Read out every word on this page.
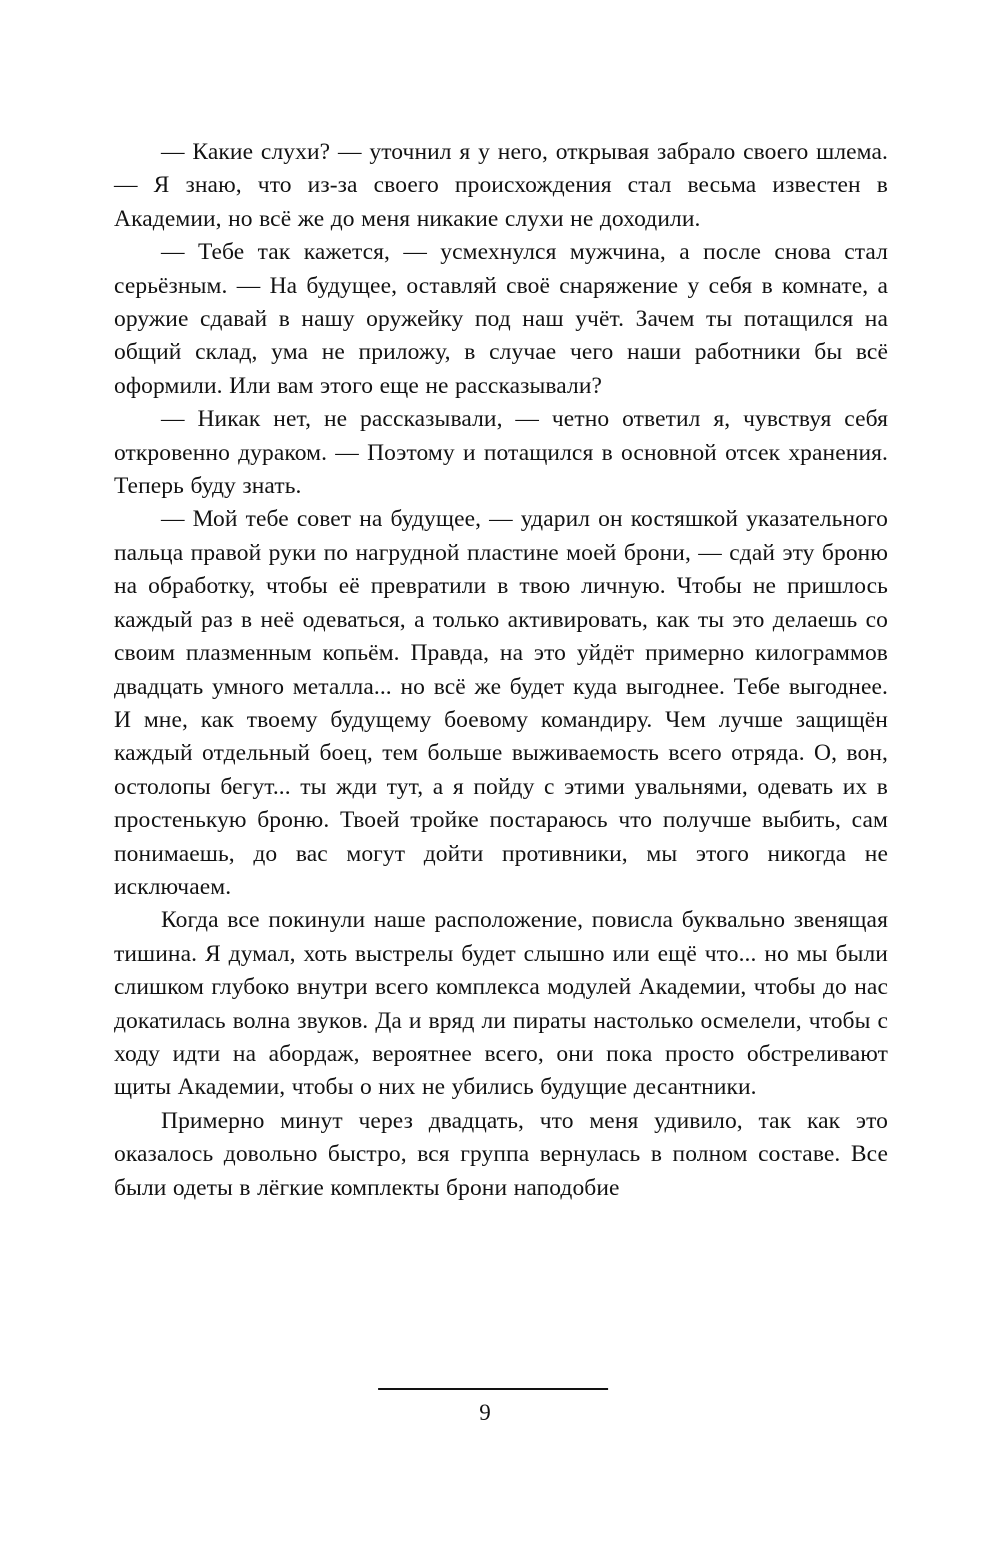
— Какие слухи? — уточнил я у него, открывая забрало своего шлема. — Я знаю, что из-за своего происхождения стал весьма известен в Академии, но всё же до меня никакие слухи не доходили.

— Тебе так кажется, — усмехнулся мужчина, а после снова стал серьёзным. — На будущее, оставляй своё снаряжение у себя в комнате, а оружие сдавай в нашу оружейку под наш учёт. Зачем ты потащился на общий склад, ума не приложу, в случае чего наши работники бы всё оформили. Или вам этого еще не рассказывали?

— Никак нет, не рассказывали, — четно ответил я, чувствуя себя откровенно дураком. — Поэтому и потащился в основной отсек хранения. Теперь буду знать.

— Мой тебе совет на будущее, — ударил он костяшкой указательного пальца правой руки по нагрудной пластине моей брони, — сдай эту броню на обработку, чтобы её превратили в твою личную. Чтобы не пришлось каждый раз в неё одеваться, а только активировать, как ты это делаешь со своим плазменным копьём. Правда, на это уйдёт примерно килограммов двадцать умного металла... но всё же будет куда выгоднее. Тебе выгоднее. И мне, как твоему будущему боевому командиру. Чем лучше защищён каждый отдельный боец, тем больше выживаемость всего отряда. О, вон, остолопы бегут... ты жди тут, а я пойду с этими увальнями, одевать их в простенькую броню. Твоей тройке постараюсь что получше выбить, сам понимаешь, до вас могут дойти противники, мы этого никогда не исключаем.

Когда все покинули наше расположение, повисла буквально звенящая тишина. Я думал, хоть выстрелы будет слышно или ещё что... но мы были слишком глубоко внутри всего комплекса модулей Академии, чтобы до нас докатилась волна звуков. Да и вряд ли пираты настолько осмелели, чтобы с ходу идти на абордаж, вероятнее всего, они пока просто обстреливают щиты Академии, чтобы о них не убились будущие десантники.

Примерно минут через двадцать, что меня удивило, так как это оказалось довольно быстро, вся группа вернулась в полном составе. Все были одеты в лёгкие комплекты брони наподобие

9
